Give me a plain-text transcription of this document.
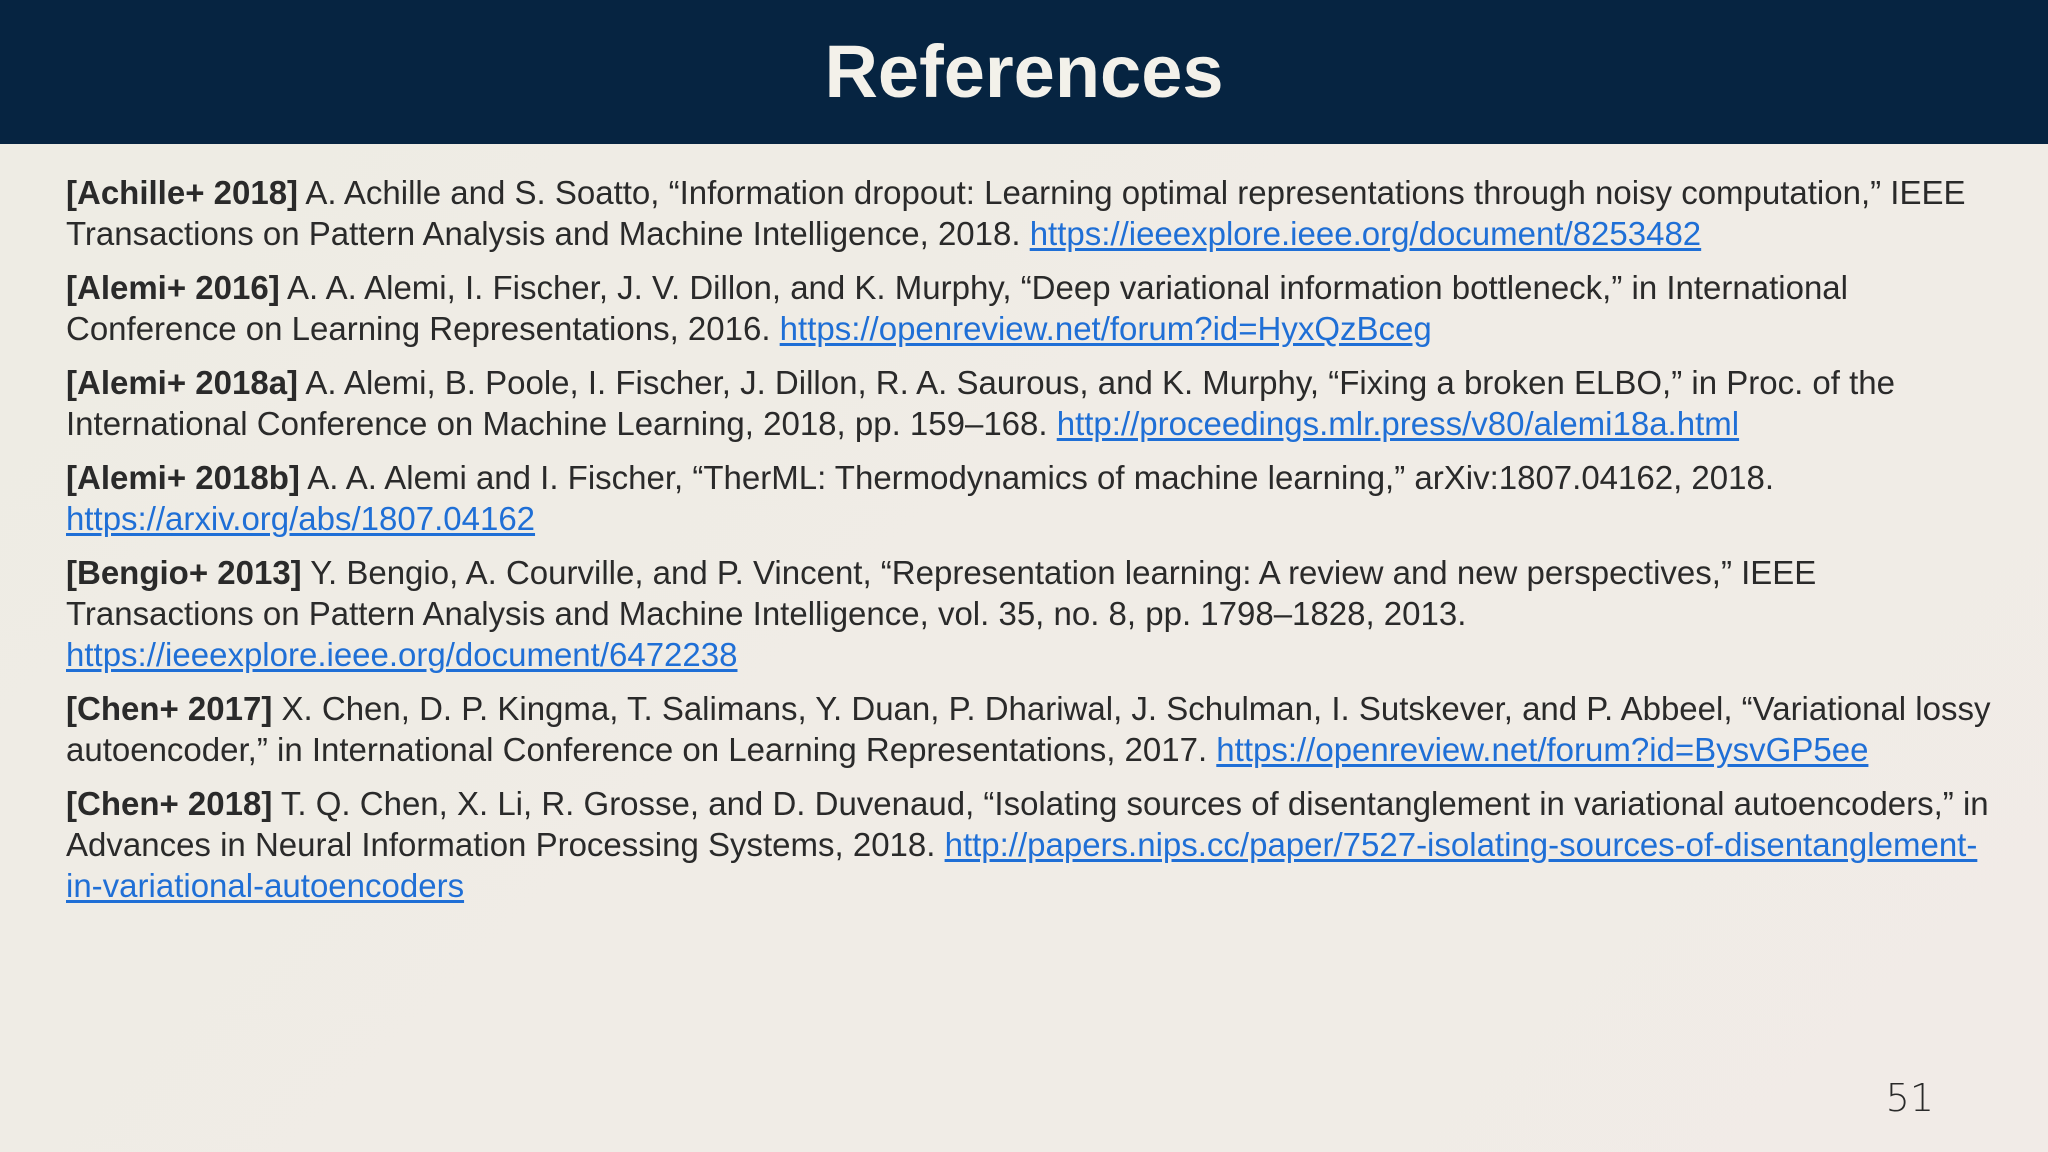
References

[Achille+ 2018] A. Achille and S. Soatto, “Information dropout: Learning optimal representations through noisy computation,” IEEE Transactions on Pattern Analysis and Machine Intelligence, 2018. https://ieeexplore.ieee.org/document/8253482

[Alemi+ 2016] A. A. Alemi, I. Fischer, J. V. Dillon, and K. Murphy, “Deep variational information bottleneck,” in International Conference on Learning Representations, 2016. https://openreview.net/forum?id=HyxQzBceg

[Alemi+ 2018a] A. Alemi, B. Poole, I. Fischer, J. Dillon, R. A. Saurous, and K. Murphy, “Fixing a broken ELBO,” in Proc. of the International Conference on Machine Learning, 2018, pp. 159–168. http://proceedings.mlr.press/v80/alemi18a.html

[Alemi+ 2018b] A. A. Alemi and I. Fischer, “TherML: Thermodynamics of machine learning,” arXiv:1807.04162, 2018. https://arxiv.org/abs/1807.04162

[Bengio+ 2013] Y. Bengio, A. Courville, and P. Vincent, “Representation learning: A review and new perspectives,” IEEE Transactions on Pattern Analysis and Machine Intelligence, vol. 35, no. 8, pp. 1798–1828, 2013. https://ieeexplore.ieee.org/document/6472238

[Chen+ 2017] X. Chen, D. P. Kingma, T. Salimans, Y. Duan, P. Dhariwal, J. Schulman, I. Sutskever, and P. Abbeel, “Variational lossy autoencoder,” in International Conference on Learning Representations, 2017. https://openreview.net/forum?id=BysvGP5ee

[Chen+ 2018] T. Q. Chen, X. Li, R. Grosse, and D. Duvenaud, “Isolating sources of disentanglement in variational autoencoders,” in Advances in Neural Information Processing Systems, 2018. http://papers.nips.cc/paper/7527-isolating-sources-of-disentanglement-in-variational-autoencoders

51
